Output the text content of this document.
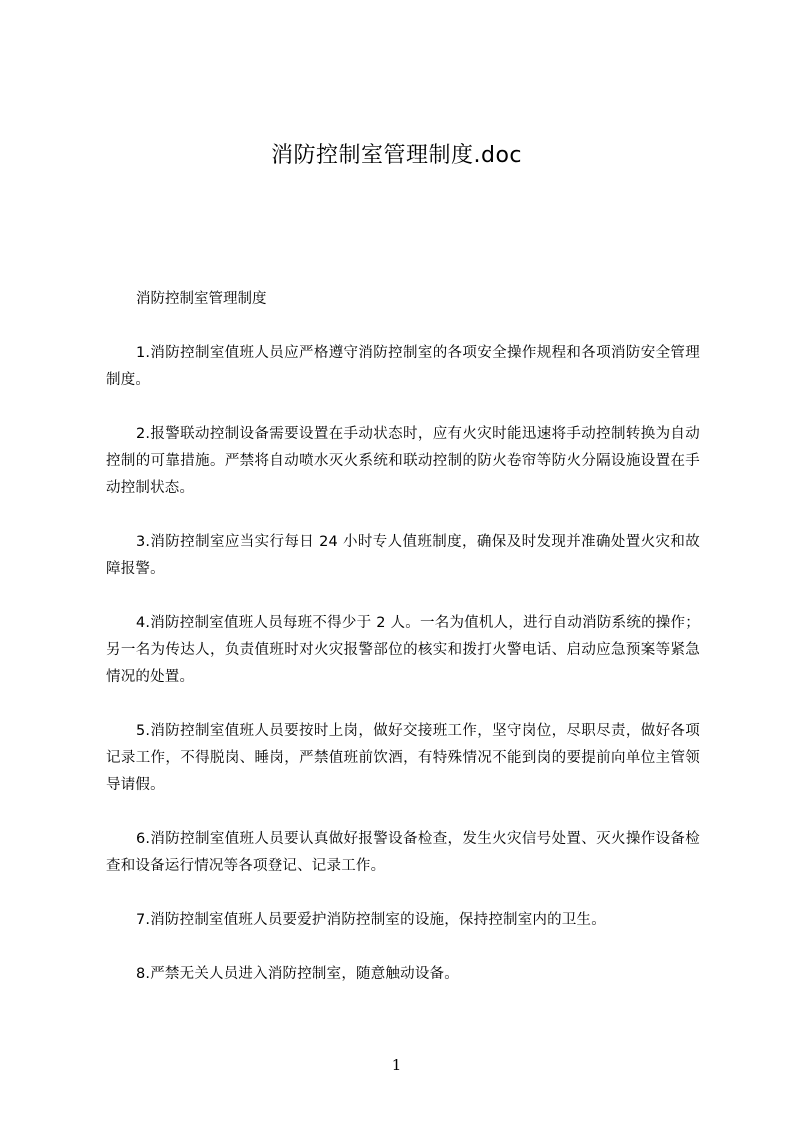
消防控制室管理制度.doc

消防控制室管理制度

1.消防控制室值班人员应严格遵守消防控制室的各项安全操作规程和各项消防安全管理制度。

2.报警联动控制设备需要设置在手动状态时，应有火灾时能迅速将手动控制转换为自动控制的可靠措施。严禁将自动喷水灭火系统和联动控制的防火卷帘等防火分隔设施设置在手动控制状态。

3.消防控制室应当实行每日 24 小时专人值班制度，确保及时发现并准确处置火灾和故障报警。

4.消防控制室值班人员每班不得少于 2 人。一名为值机人，进行自动消防系统的操作；另一名为传达人，负责值班时对火灾报警部位的核实和拨打火警电话、启动应急预案等紧急情况的处置。

5.消防控制室值班人员要按时上岗，做好交接班工作，坚守岗位，尽职尽责，做好各项记录工作，不得脱岗、睡岗，严禁值班前饮酒，有特殊情况不能到岗的要提前向单位主管领导请假。

6.消防控制室值班人员要认真做好报警设备检查，发生火灾信号处置、灭火操作设备检查和设备运行情况等各项登记、记录工作。

7.消防控制室值班人员要爱护消防控制室的设施，保持控制室内的卫生。

8.严禁无关人员进入消防控制室，随意触动设备。

1
